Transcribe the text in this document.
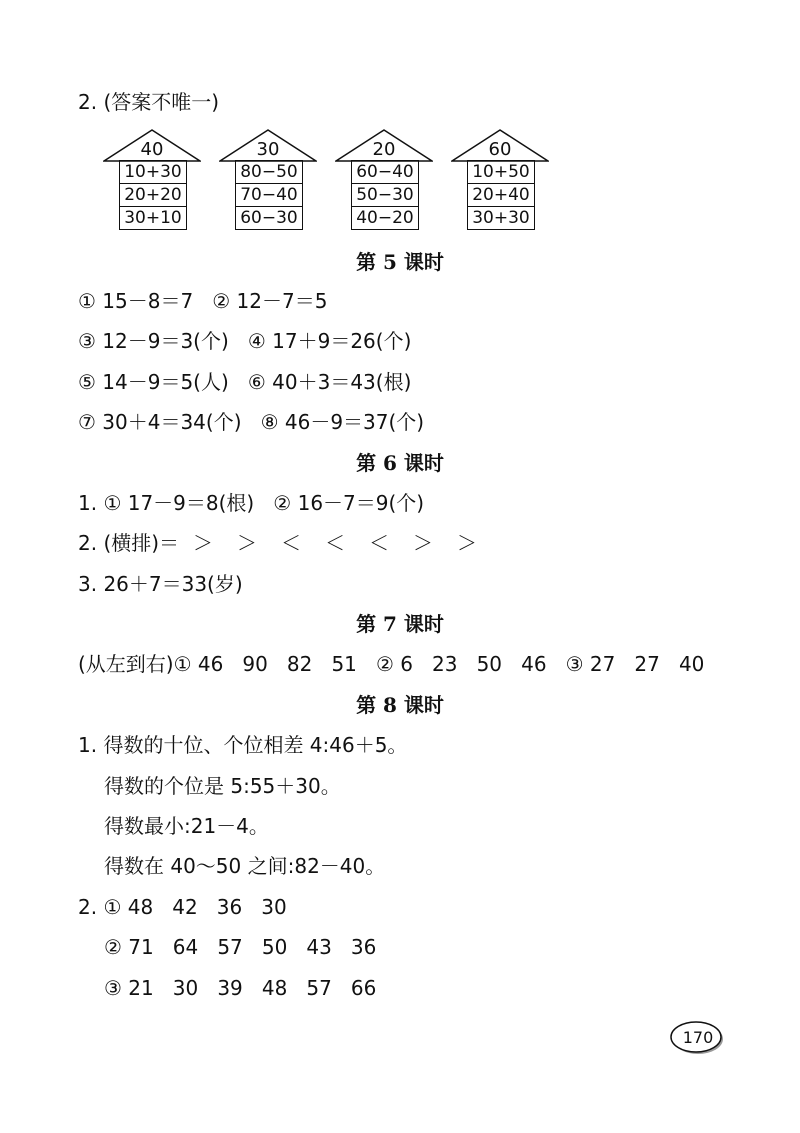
2. (答案不唯一)
40
10+30
20+20
30+10
30
80−50
70−40
60−30
20
60−40
50−30
40−20
60
10+50
20+40
30+30
第 5 课时
① 15－8＝7   ② 12－7＝5
③ 12－9＝3(个)   ④ 17＋9＝26(个)
⑤ 14－9＝5(人)   ⑥ 40＋3＝43(根)
⑦ 30＋4＝34(个)   ⑧ 46－9＝37(个)
第 6 课时
1. ① 17－9＝8(根)   ② 16－7＝9(个)
2. (横排)＝ ＞ ＞ ＜ ＜ ＜ ＞ ＞
3. 26＋7＝33(岁)
第 7 课时
(从左到右)① 46   90   82   51   ② 6   23   50   46   ③ 27   27   40
第 8 课时
1. 得数的十位、个位相差 4:46＋5。
得数的个位是 5:55＋30。
得数最小:21－4。
得数在 40～50 之间:82－40。
2. ① 48   42   36   30
② 71   64   57   50   43   36
③ 21   30   39   48   57   66
170
